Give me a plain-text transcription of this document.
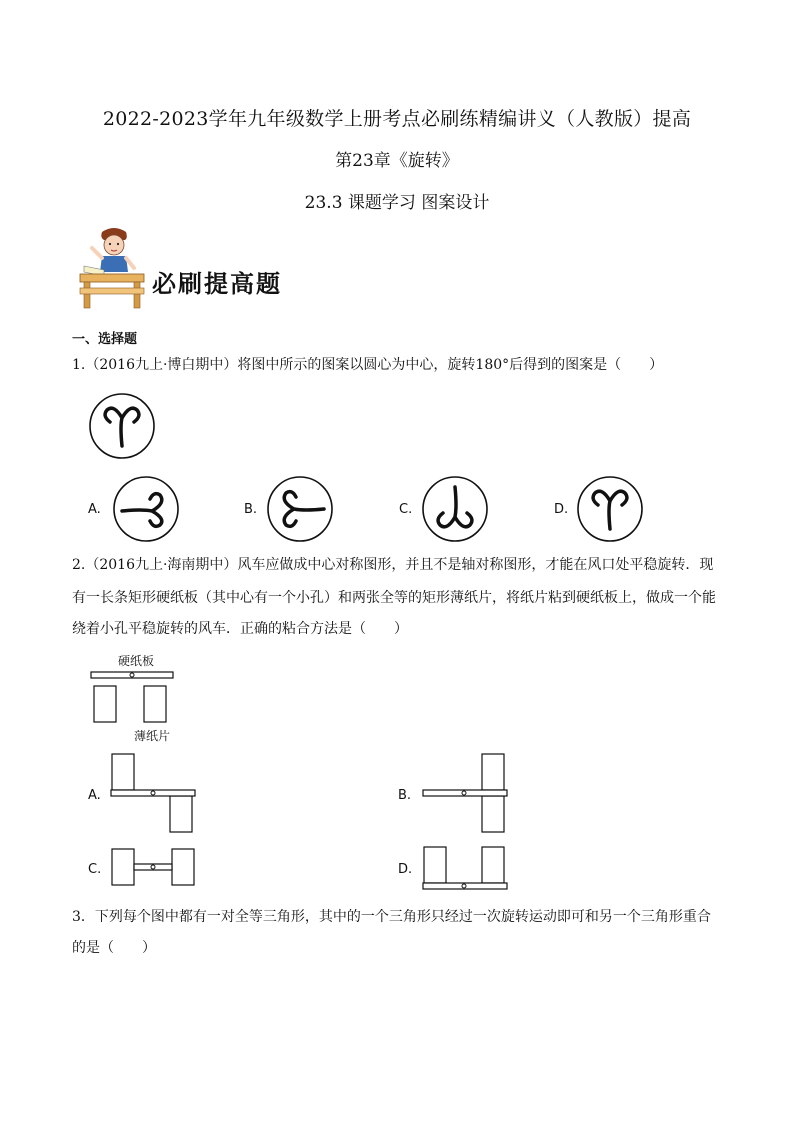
2022-2023学年九年级数学上册考点必刷练精编讲义（人教版）提高
第23章《旋转》
23.3 课题学习 图案设计
必刷提高题
一、选择题
1.（2016九上·博白期中）将图中所示的图案以圆心为中心，旋转180°后得到的图案是（　　）
A.	B.	C.	D.
2.（2016九上·海南期中）风车应做成中心对称图形，并且不是轴对称图形，才能在风口处平稳旋转．现
有一长条矩形硬纸板（其中心有一个小孔）和两张全等的矩形薄纸片，将纸片粘到硬纸板上，做成一个能
绕着小孔平稳旋转的风车．正确的粘合方法是（　　）
硬纸板
薄纸片
A.	B.
C.	D.
3．下列每个图中都有一对全等三角形，其中的一个三角形只经过一次旋转运动即可和另一个三角形重合
的是（　　）
